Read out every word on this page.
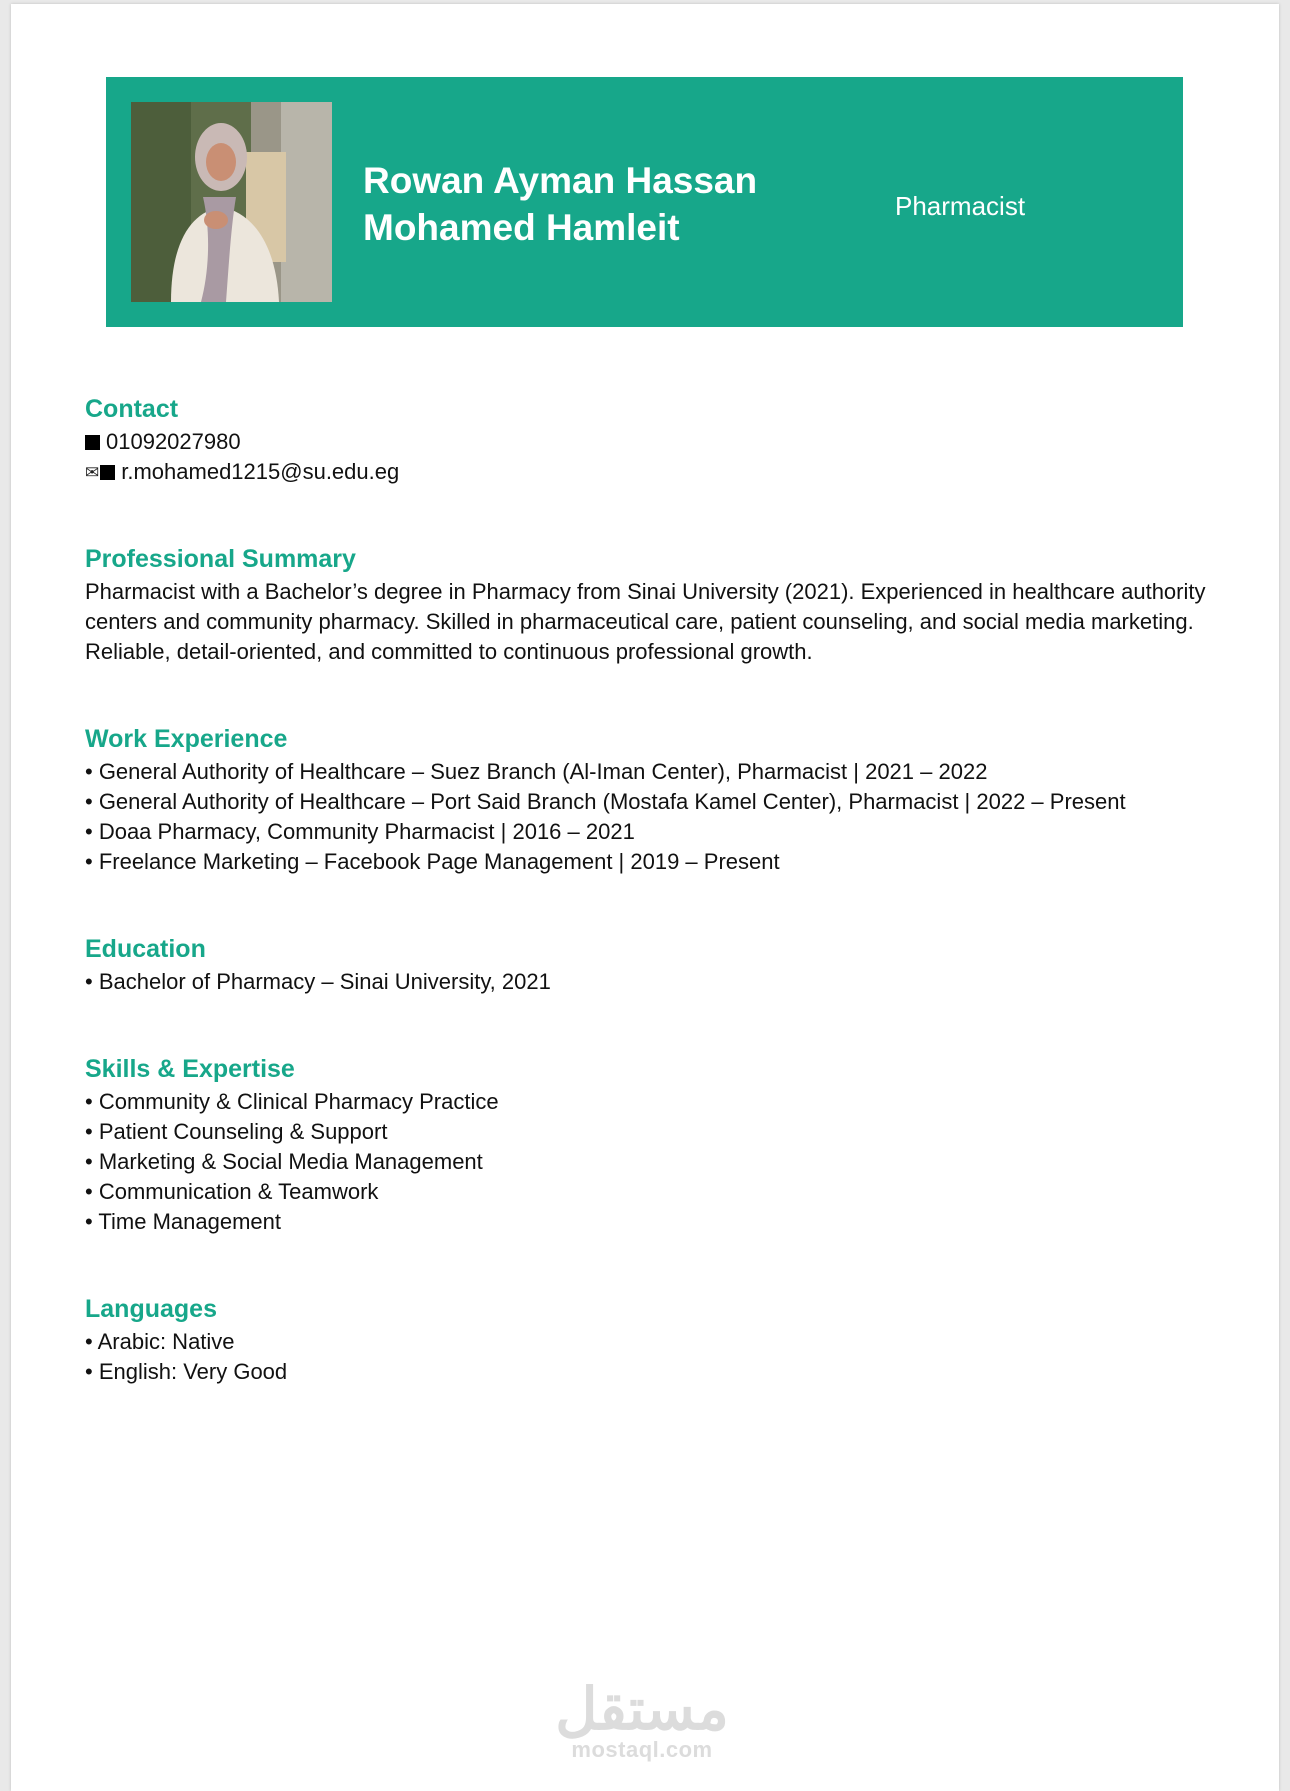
Rowan Ayman Hassan
Mohamed Hamleit
Pharmacist
Contact
01092027980
✉ r.mohamed1215@su.edu.eg
Professional Summary
Pharmacist with a Bachelor’s degree in Pharmacy from Sinai University (2021). Experienced in healthcare authority centers and community pharmacy. Skilled in pharmaceutical care, patient counseling, and social media marketing. Reliable, detail-oriented, and committed to continuous professional growth.
Work Experience
• General Authority of Healthcare – Suez Branch (Al-Iman Center), Pharmacist | 2021 – 2022
• General Authority of Healthcare – Port Said Branch (Mostafa Kamel Center), Pharmacist | 2022 – Present
• Doaa Pharmacy, Community Pharmacist | 2016 – 2021
• Freelance Marketing – Facebook Page Management | 2019 – Present
Education
• Bachelor of Pharmacy – Sinai University, 2021
Skills & Expertise
• Community & Clinical Pharmacy Practice
• Patient Counseling & Support
• Marketing & Social Media Management
• Communication & Teamwork
• Time Management
Languages
• Arabic: Native
• English: Very Good
مستقل
mostaql.com
